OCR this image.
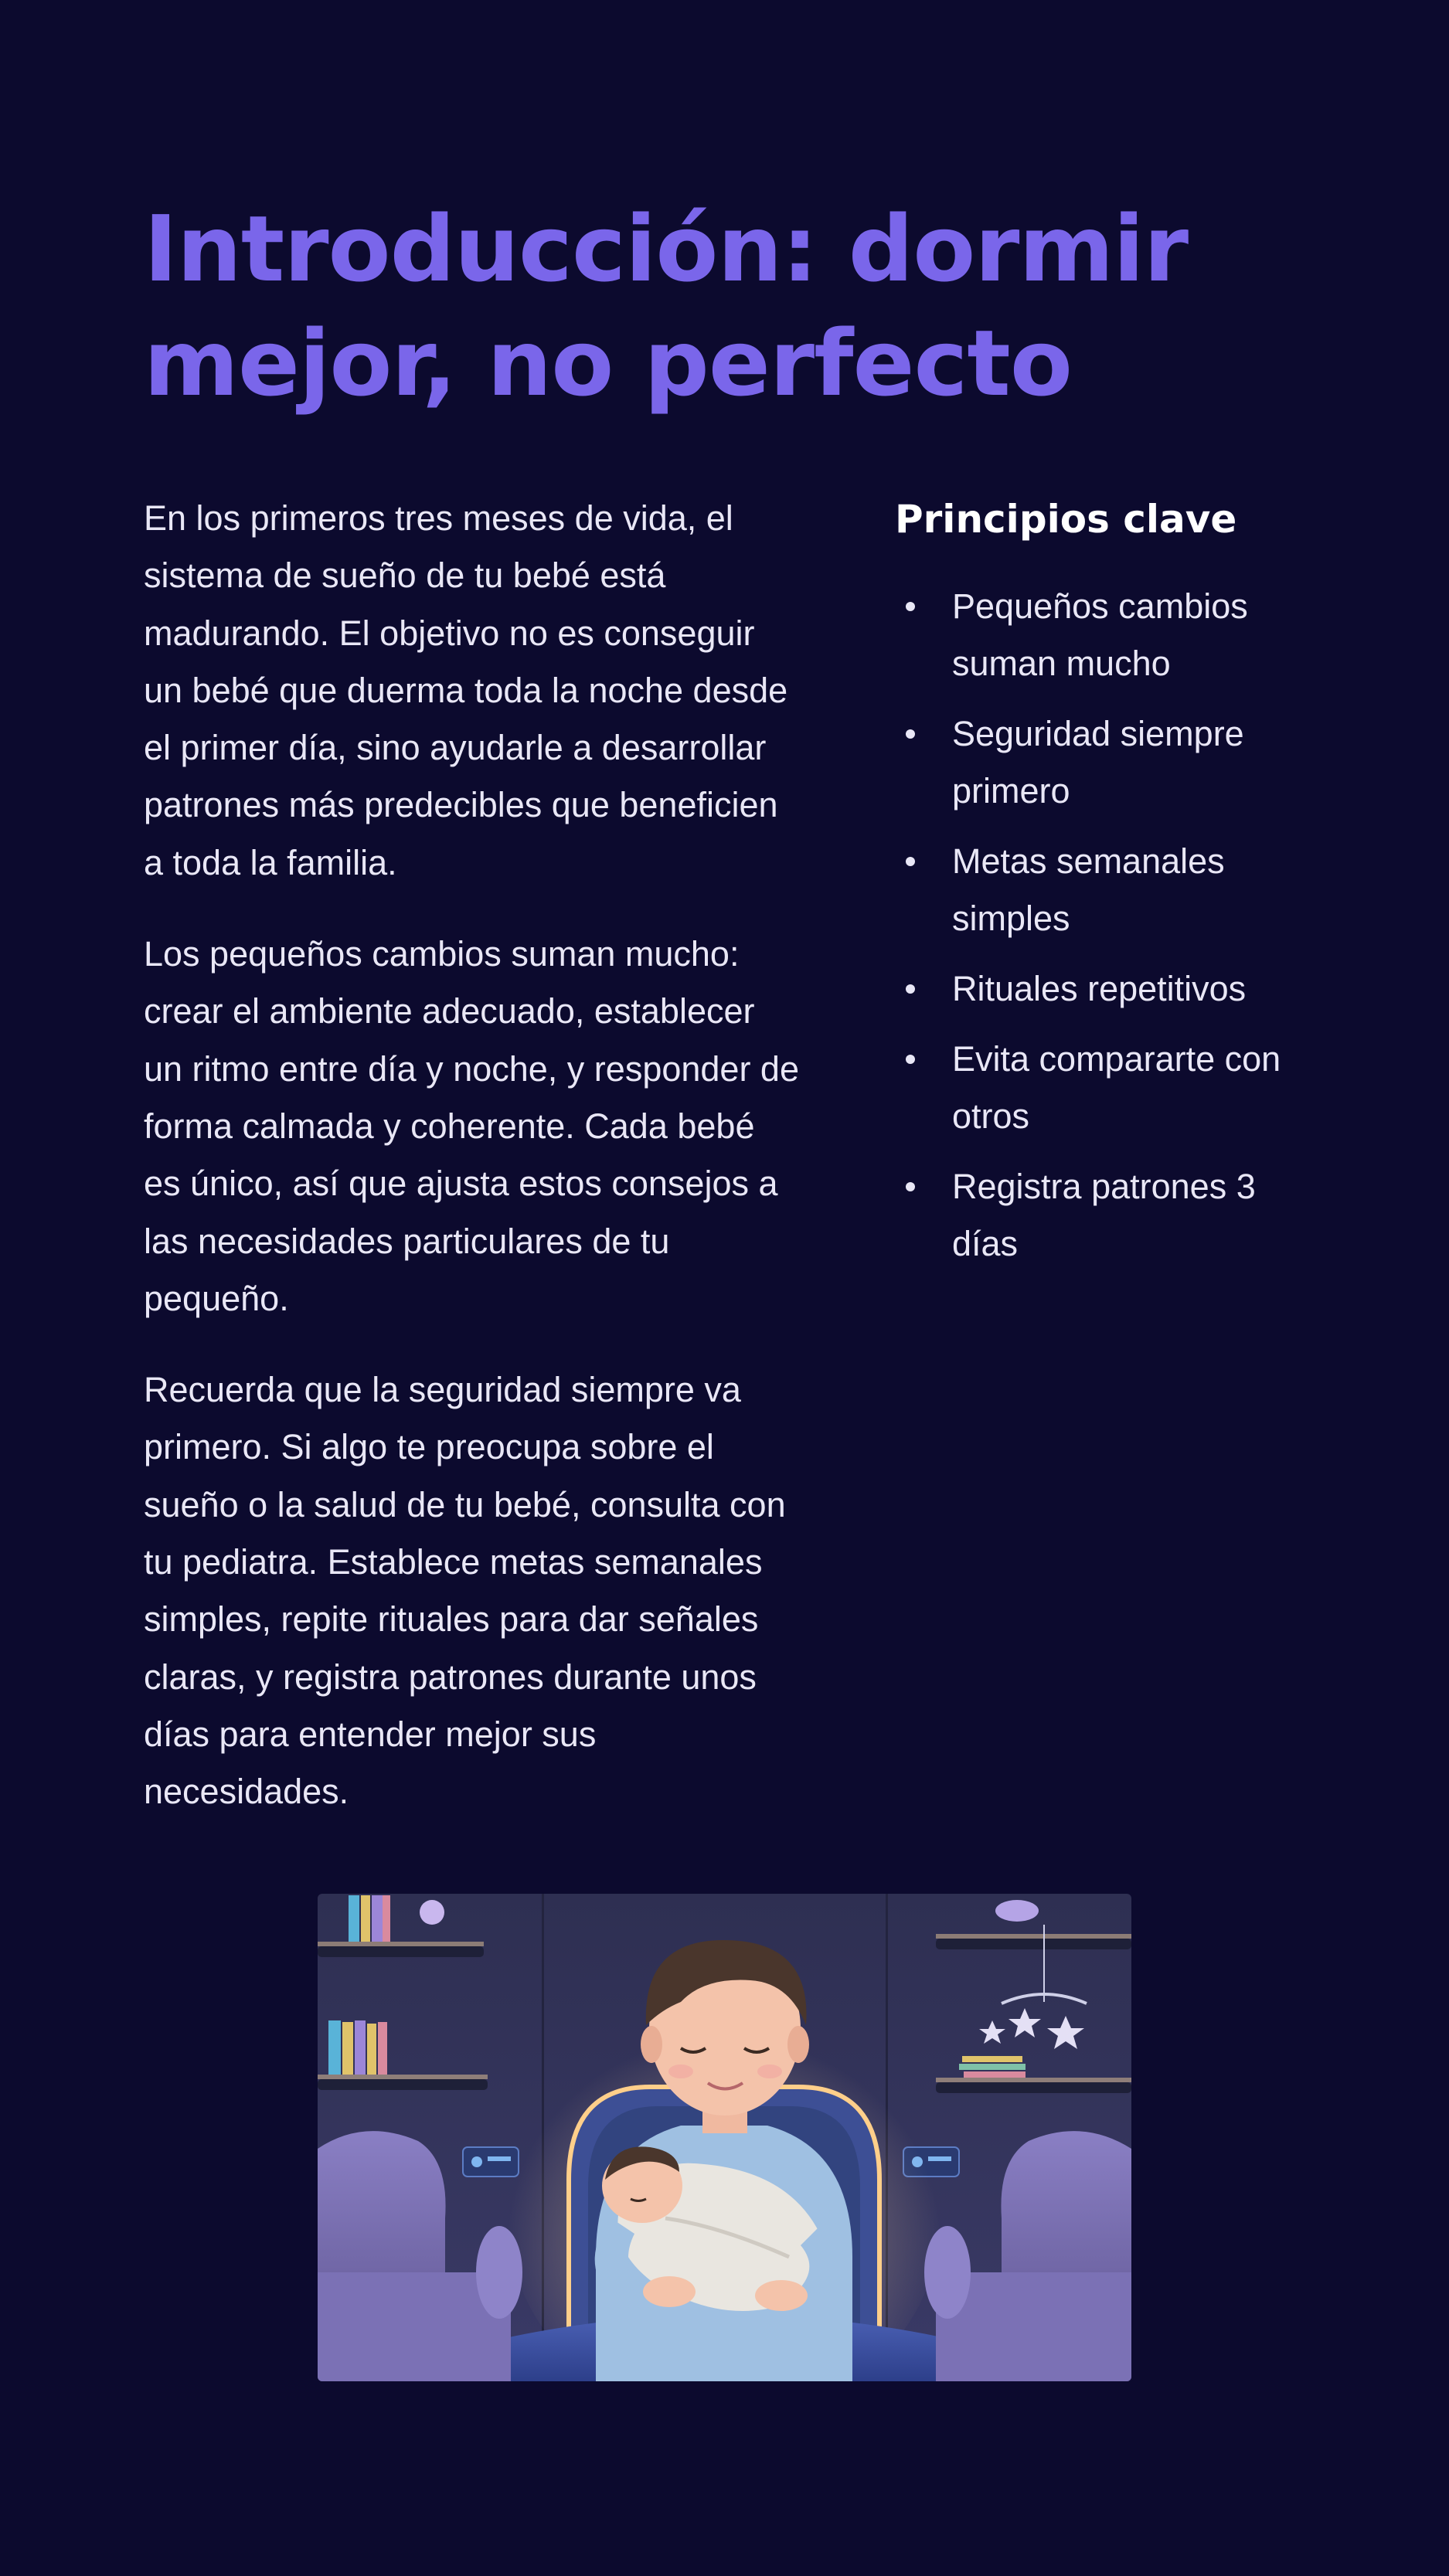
Introducción: dormir mejor, no perfecto

En los primeros tres meses de vida, el sistema de sueño de tu bebé está madurando. El objetivo no es conseguir un bebé que duerma toda la noche desde el primer día, sino ayudarle a desarrollar patrones más predecibles que beneficien a toda la familia.

Los pequeños cambios suman mucho: crear el ambiente adecuado, establecer un ritmo entre día y noche, y responder de forma calmada y coherente. Cada bebé es único, así que ajusta estos consejos a las necesidades particulares de tu pequeño.

Recuerda que la seguridad siempre va primero. Si algo te preocupa sobre el sueño o la salud de tu bebé, consulta con tu pediatra. Establece metas semanales simples, repite rituales para dar señales claras, y registra patrones durante unos días para entender mejor sus necesidades.

Principios clave
Pequeños cambios suman mucho
Seguridad siempre primero
Metas semanales simples
Rituales repetitivos
Evita compararte con otros
Registra patrones 3 días
